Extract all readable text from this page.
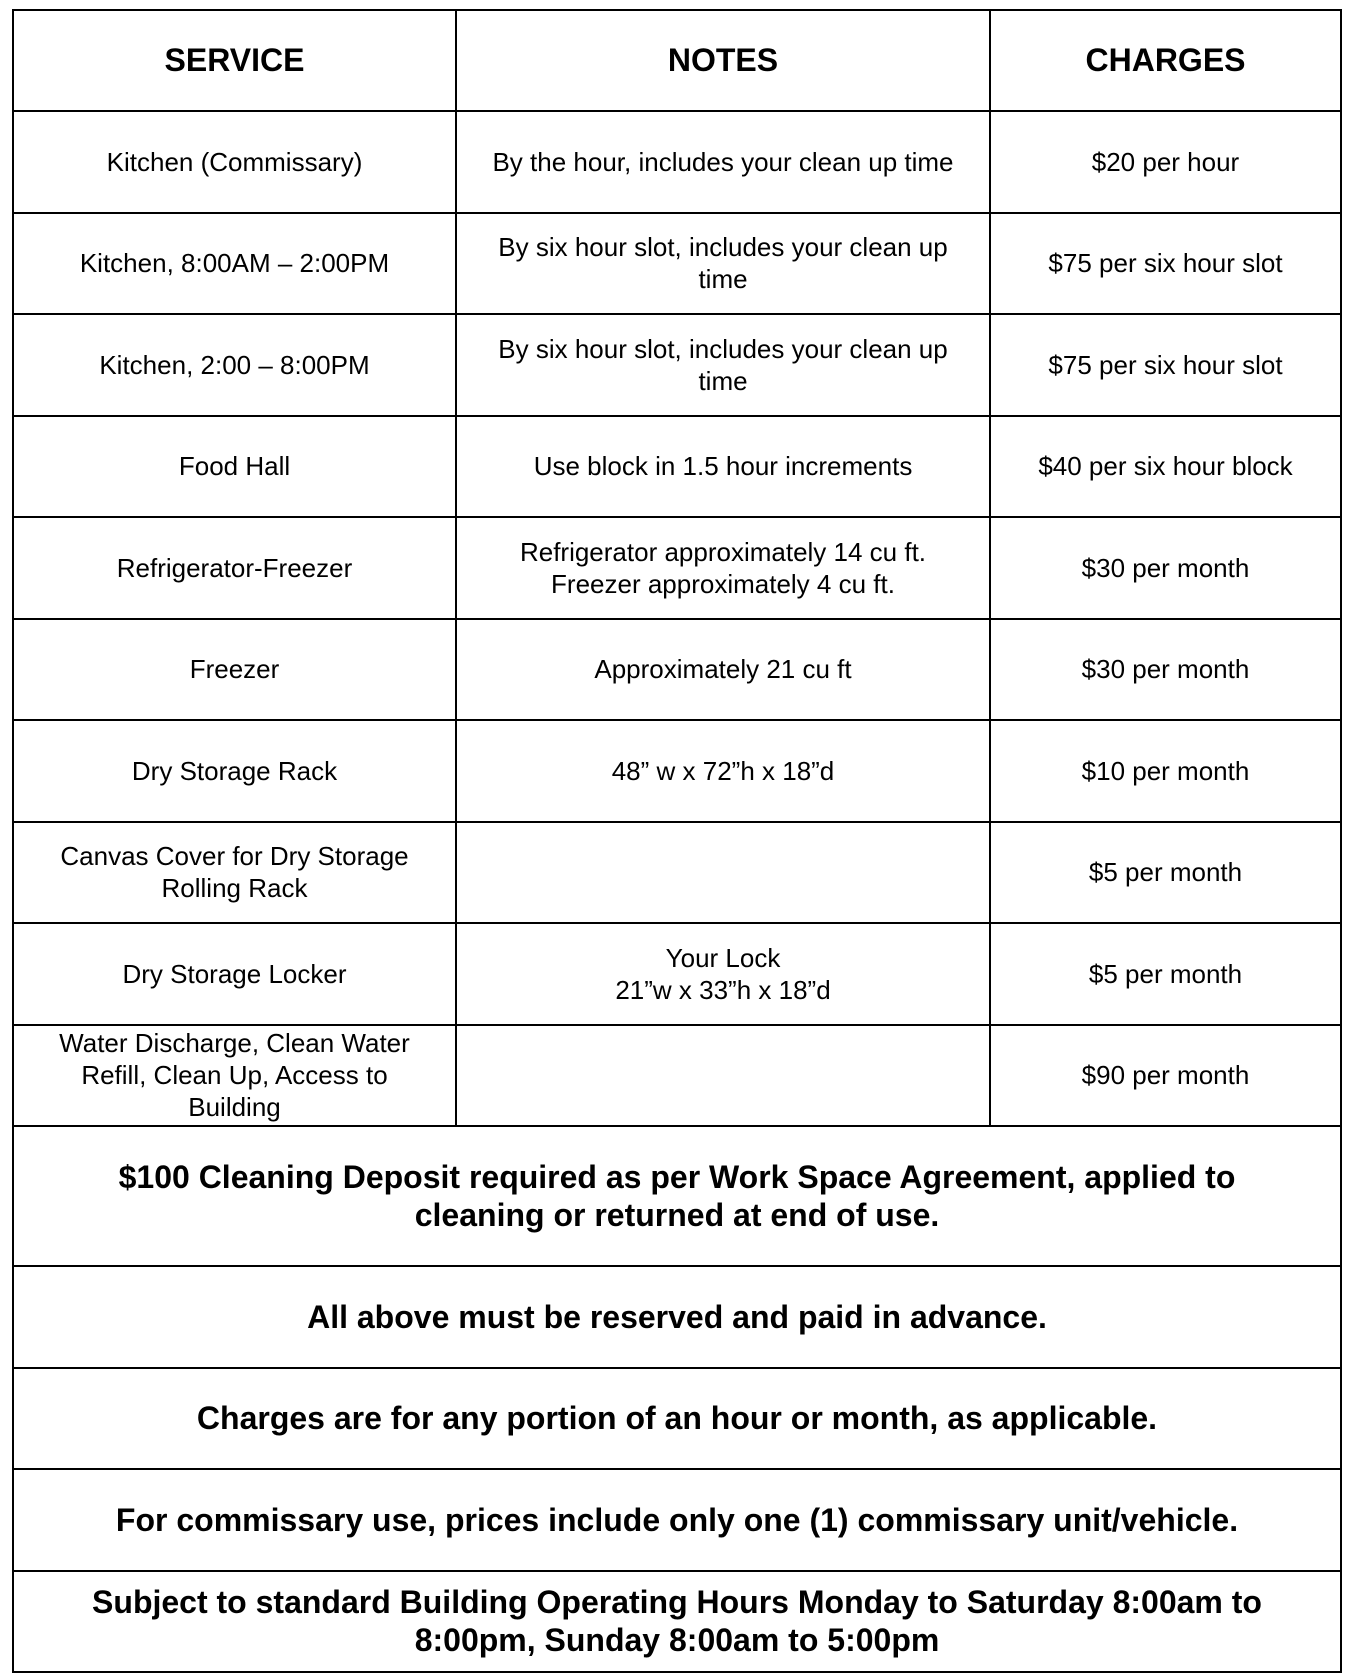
SERVICE	NOTES	CHARGES

Kitchen (Commissary)	By the hour, includes your clean up time	$20 per hour

Kitchen, 8:00AM – 2:00PM	By six hour slot, includes your clean up
time	$75 per six hour slot

Kitchen, 2:00 – 8:00PM	By six hour slot, includes your clean up
time	$75 per six hour slot

Food Hall	Use block in 1.5 hour increments	$40 per six hour block

Refrigerator-Freezer	Refrigerator approximately 14 cu ft.
Freezer approximately 4 cu ft.	$30 per month

Freezer	Approximately 21 cu ft	$30 per month

Dry Storage Rack	48” w x 72”h x 18”d	$10 per month

Canvas Cover for Dry Storage
Rolling Rack		$5 per month

Dry Storage Locker	Your Lock
21”w x 33”h x 18”d	$5 per month

Water Discharge, Clean Water
Refill, Clean Up, Access to
Building		$90 per month

$100 Cleaning Deposit required as per Work Space Agreement, applied to
cleaning or returned at end of use.		

All above must be reserved and paid in advance.		

Charges are for any portion of an hour or month, as applicable.		

For commissary use, prices include only one (1) commissary unit/vehicle.		

Subject to standard Building Operating Hours Monday to Saturday 8:00am to
8:00pm, Sunday 8:00am to 5:00pm		
